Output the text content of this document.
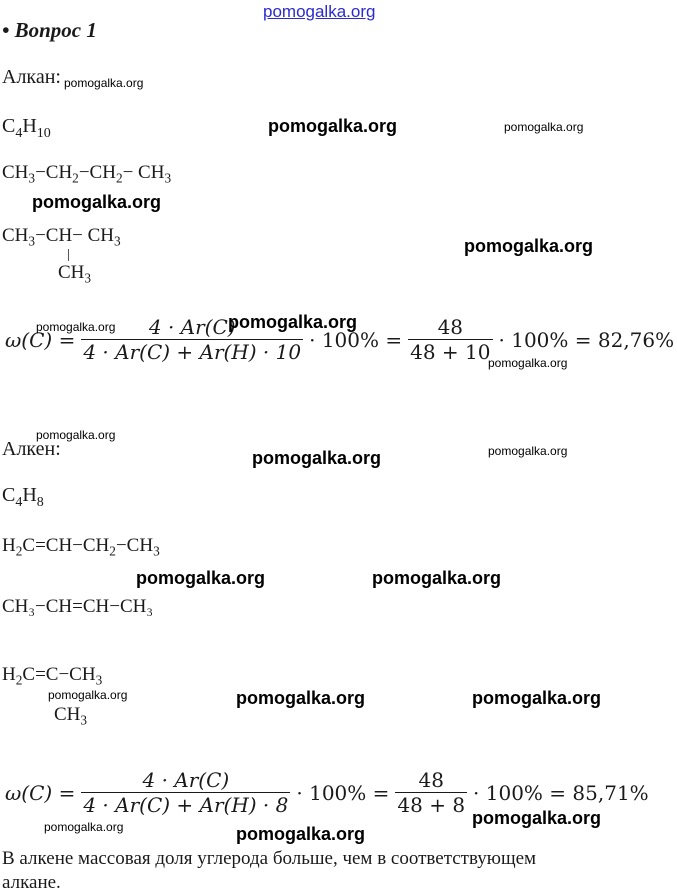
pomogalka.org
• Вопрос 1
Алкан:
$C_4H_{10}$
$CH_3-CH_2-CH_2- CH_3$
$CH_3-CH- CH_3$
$CH_3$
$\omega(C) = \frac{4 \cdot Ar(C)}{4 \cdot Ar(C) + Ar(H) \cdot 10} \cdot 100\% = \frac{48}{48 + 10} \cdot 100\% = 82,76\%$
Алкен:
$C_4H_8$
$H_2C=CH-CH_2-CH_3$
CH₃−CH=CH−CH₃
$H_2C=C-CH_3$
$CH_3$
$\omega(C) = \frac{4 \cdot Ar(C)}{4 \cdot Ar(C) + Ar(H) \cdot 8} \cdot 100\% = \frac{48}{48 + 8} \cdot 100\% = 85,71\%$
В алкене массовая доля углерода больше, чем в соответствующем
алкане.
pomogalka.org
pomogalka.org
pomogalka.org
pomogalka.org
pomogalka.org
pomogalka.org	pomogalka.org
pomogalka.org	pomogalka.org
pomogalka.org
pomogalka.org
pomogalka.org
pomogalka.org
pomogalka.org
pomogalka.org
pomogalka.org
pomogalka.org
pomogalka.org
pomogalka.org
